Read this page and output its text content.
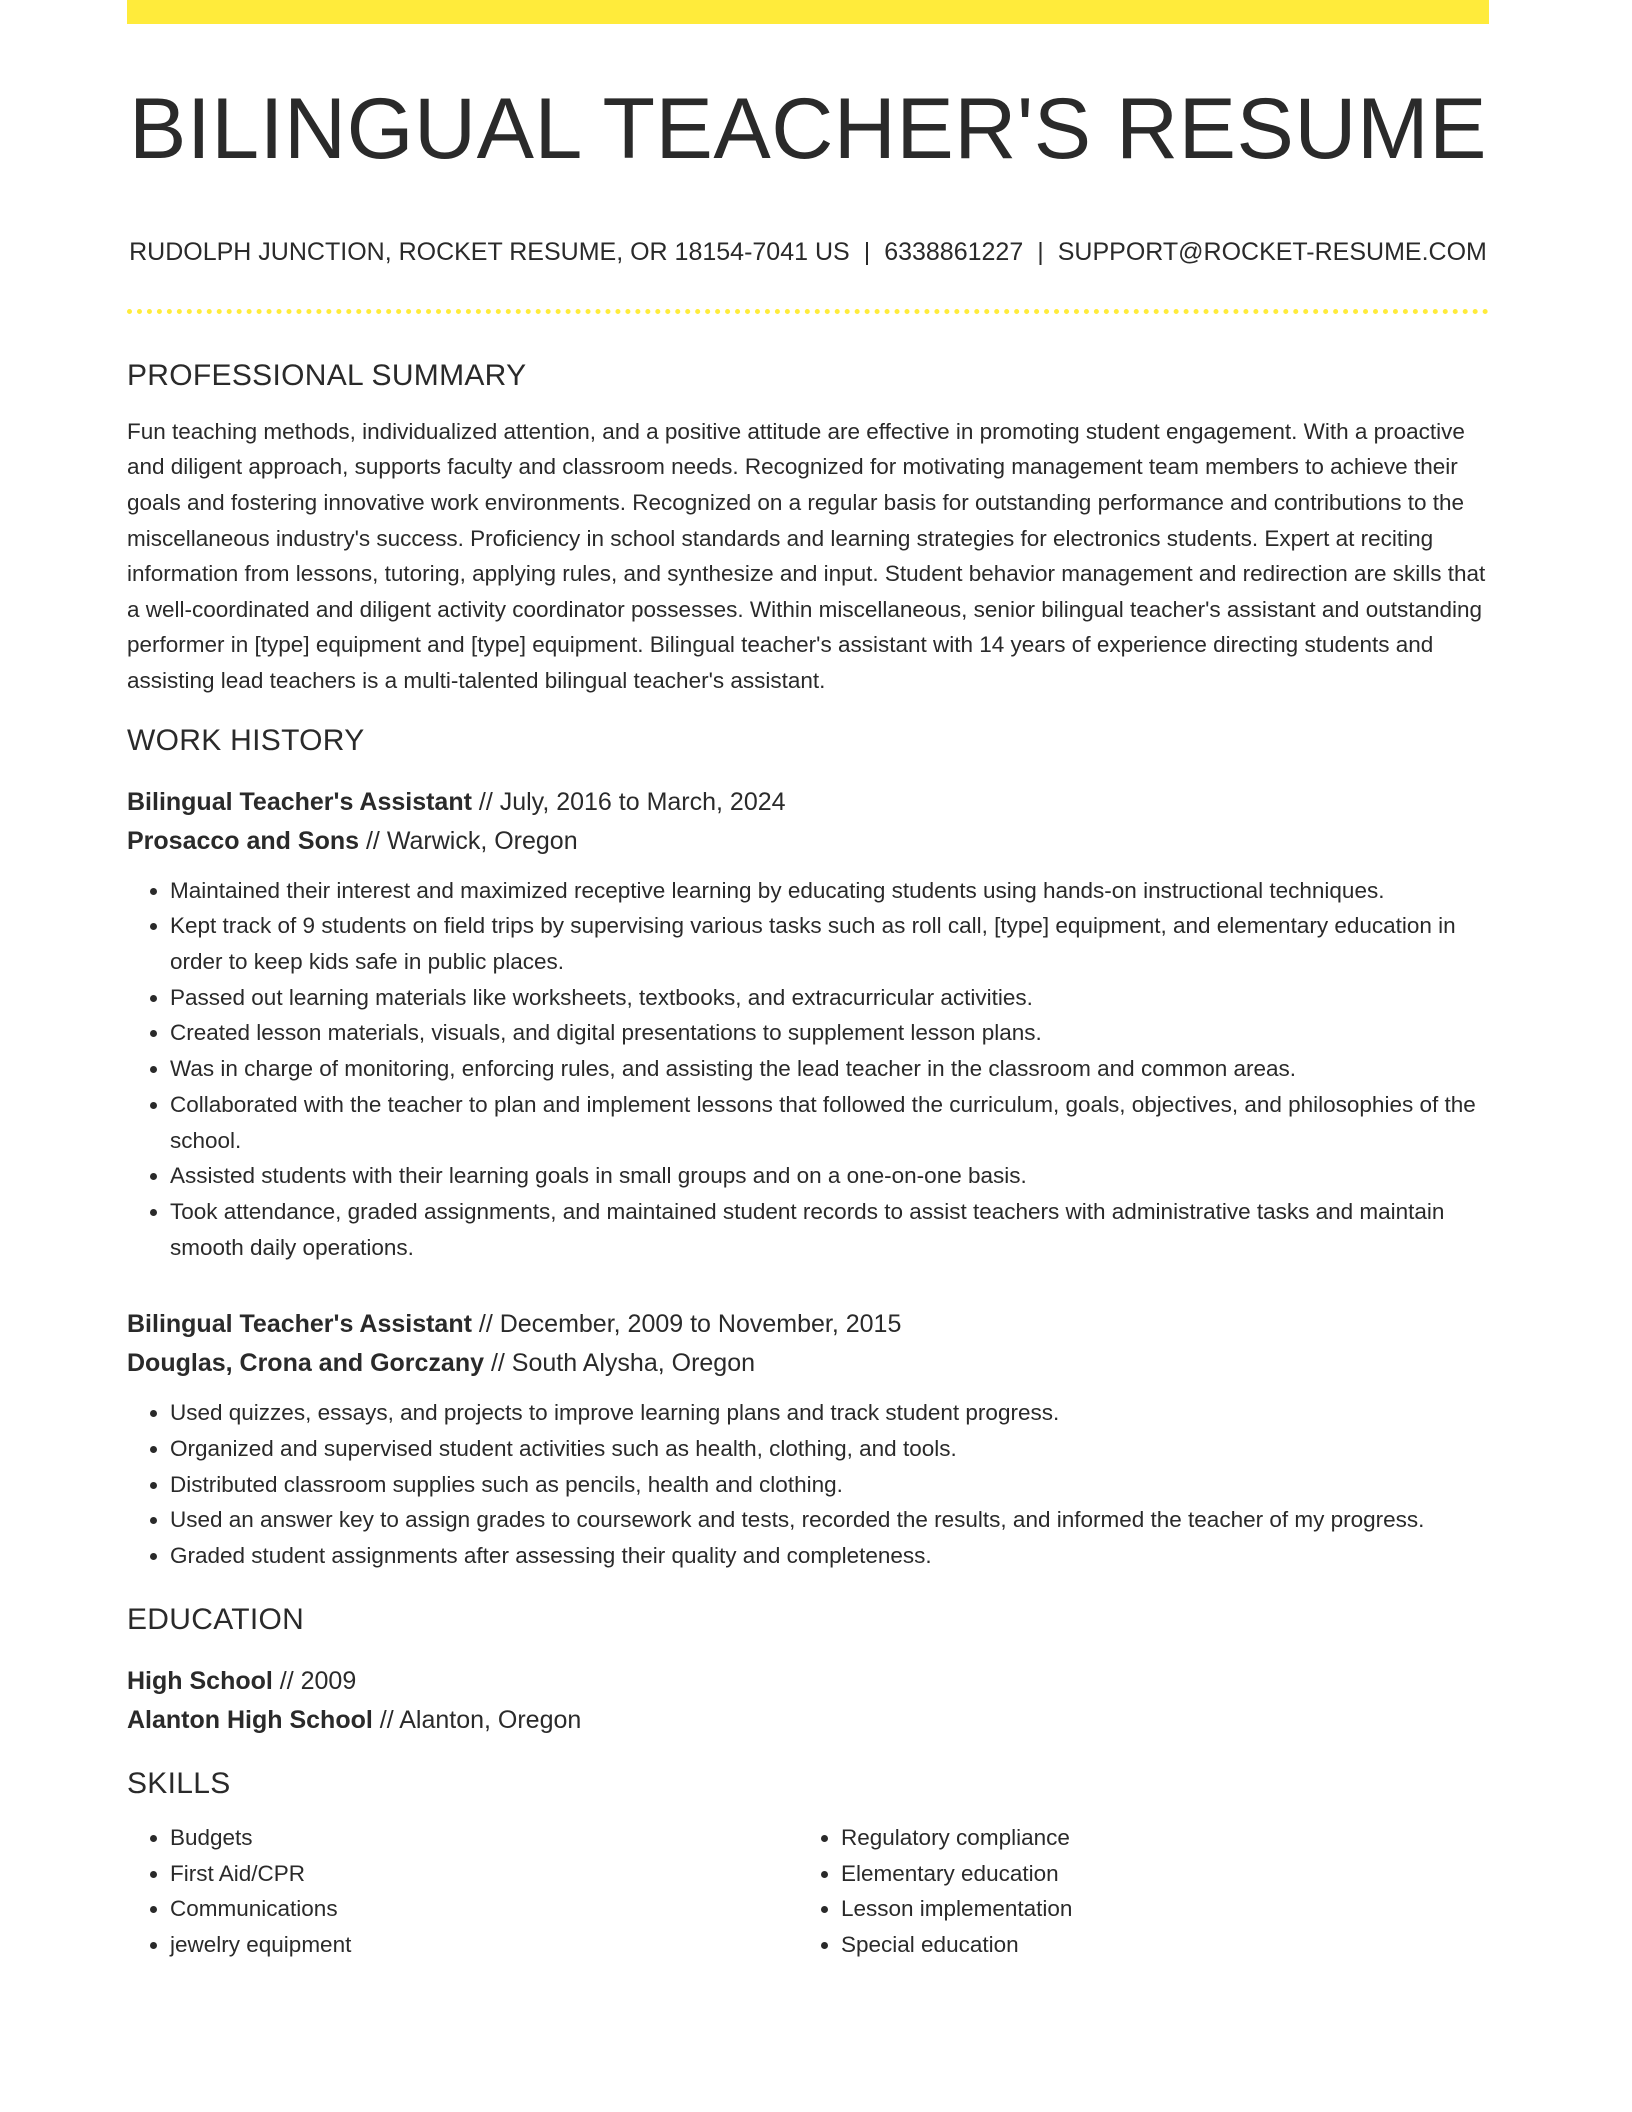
BILINGUAL TEACHER'S RESUME
RUDOLPH JUNCTION, ROCKET RESUME, OR 18154-7041 US | 6338861227 | SUPPORT@ROCKET-RESUME.COM
PROFESSIONAL SUMMARY

Fun teaching methods, individualized attention, and a positive attitude are effective in promoting student engagement. With a proactive and diligent approach, supports faculty and classroom needs. Recognized for motivating management team members to achieve their goals and fostering innovative work environments. Recognized on a regular basis for outstanding performance and contributions to the miscellaneous industry's success. Proficiency in school standards and learning strategies for electronics students. Expert at reciting information from lessons, tutoring, applying rules, and synthesize and input. Student behavior management and redirection are skills that a well-coordinated and diligent activity coordinator possesses. Within miscellaneous, senior bilingual teacher's assistant and outstanding performer in [type] equipment and [type] equipment. Bilingual teacher's assistant with 14 years of experience directing students and assisting lead teachers is a multi-talented bilingual teacher's assistant.

WORK HISTORY
Bilingual Teacher's Assistant // July, 2016 to March, 2024
Prosacco and Sons // Warwick, Oregon
• Maintained their interest and maximized receptive learning by educating students using hands-on instructional techniques.
• Kept track of 9 students on field trips by supervising various tasks such as roll call, [type] equipment, and elementary education in order to keep kids safe in public places.
• Passed out learning materials like worksheets, textbooks, and extracurricular activities.
• Created lesson materials, visuals, and digital presentations to supplement lesson plans.
• Was in charge of monitoring, enforcing rules, and assisting the lead teacher in the classroom and common areas.
• Collaborated with the teacher to plan and implement lessons that followed the curriculum, goals, objectives, and philosophies of the school.
• Assisted students with their learning goals in small groups and on a one-on-one basis.
• Took attendance, graded assignments, and maintained student records to assist teachers with administrative tasks and maintain smooth daily operations.
Bilingual Teacher's Assistant // December, 2009 to November, 2015
Douglas, Crona and Gorczany // South Alysha, Oregon
• Used quizzes, essays, and projects to improve learning plans and track student progress.
• Organized and supervised student activities such as health, clothing, and tools.
• Distributed classroom supplies such as pencils, health and clothing.
• Used an answer key to assign grades to coursework and tests, recorded the results, and informed the teacher of my progress.
• Graded student assignments after assessing their quality and completeness.
EDUCATION
High School // 2009
Alanton High School // Alanton, Oregon
SKILLS
• Budgets
• First Aid/CPR
• Communications
• jewelry equipment
• Regulatory compliance
• Elementary education
• Lesson implementation
• Special education
